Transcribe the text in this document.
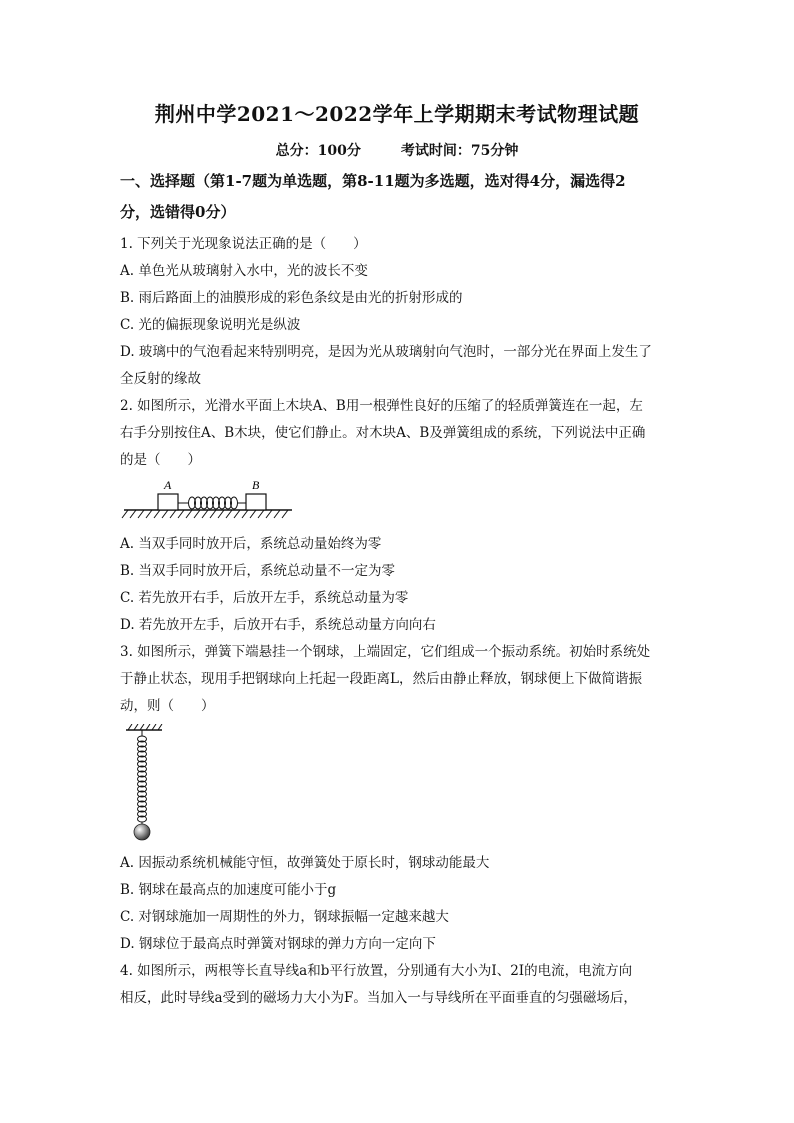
荆州中学2021～2022学年上学期期末考试物理试题
总分：100分	考试时间：75分钟
一、选择题（第1-7题为单选题，第8-11题为多选题，选对得4分，漏选得2
分，选错得0分）
1. 下列关于光现象说法正确的是（　　）
A. 单色光从玻璃射入水中，光的波长不变
B. 雨后路面上的油膜形成的彩色条纹是由光的折射形成的
C. 光的偏振现象说明光是纵波
D. 玻璃中的气泡看起来特别明亮，是因为光从玻璃射向气泡时，一部分光在界面上发生了
全反射的缘故
2. 如图所示，光滑水平面上木块A、B用一根弹性良好的压缩了的轻质弹簧连在一起，左
右手分别按住A、B木块，使它们静止。对木块A、B及弹簧组成的系统，下列说法中正确
的是（　　）
A	B
A. 当双手同时放开后，系统总动量始终为零
B. 当双手同时放开后，系统总动量不一定为零
C. 若先放开右手，后放开左手，系统总动量为零
D. 若先放开左手，后放开右手，系统总动量方向向右
3. 如图所示，弹簧下端悬挂一个钢球，上端固定，它们组成一个振动系统。初始时系统处
于静止状态，现用手把钢球向上托起一段距离L，然后由静止释放，钢球便上下做简谐振
动，则（　　）
A. 因振动系统机械能守恒，故弹簧处于原长时，钢球动能最大
B. 钢球在最高点的加速度可能小于g
C. 对钢球施加一周期性的外力，钢球振幅一定越来越大
D. 钢球位于最高点时弹簧对钢球的弹力方向一定向下
4. 如图所示，两根等长直导线a和b平行放置，分别通有大小为I、2I的电流，电流方向
相反，此时导线a受到的磁场力大小为F。当加入一与导线所在平面垂直的匀强磁场后，
